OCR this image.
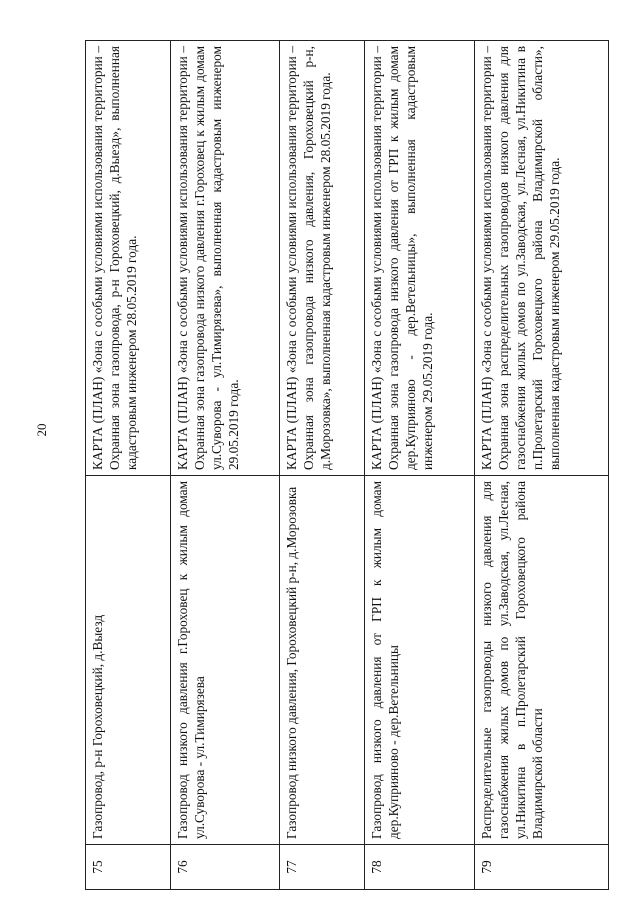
20
75	Газопровод, р-н Гороховецкий, д.Выезд	КАРТА (ПЛАН) «Зона с особыми условиями использования территории – Охранная зона газопровода, р-н Гороховецкий, д.Выезд», выполненная кадастровым инженером 28.05.2019 года.
76	Газопровод низкого давления г.Гороховец к жилым домам ул.Суворова - ул.Тимирязева	КАРТА (ПЛАН) «Зона с особыми условиями использования территории – Охранная зона газопровода низкого давления г.Гороховец к жилым домам ул.Суворова - ул.Тимирязева», выполненная кадастровым инженером 29.05.2019 года.
77	Газопровод низкого давления, Гороховецкий р-н, д.Морозовка	КАРТА (ПЛАН) «Зона с особыми условиями использования территории – Охранная зона газопровода низкого давления, Гороховецкий р-н, д.Морозовка», выполненная кадастровым инженером 28.05.2019 года.
78	Газопровод низкого давления от ГРП к жилым домам дер.Куприяново - дер.Ветельницы	КАРТА (ПЛАН) «Зона с особыми условиями использования территории – Охранная зона газопровода низкого давления от ГРП к жилым домам дер.Куприяново - дер.Ветельницы», выполненная кадастровым инженером 29.05.2019 года.
79	Распределительные газопроводы низкого давления для газоснабжения жилых домов по ул.Заводская, ул.Лесная, ул.Никитина в п.Пролетарский Гороховецкого района Владимирской области	КАРТА (ПЛАН) «Зона с особыми условиями использования территории – Охранная зона распределительных газопроводов низкого давления для газоснабжения жилых домов по ул.Заводская, ул.Лесная, ул.Никитина в п.Пролетарский Гороховецкого района Владимирской области», выполненная кадастровым инженером 29.05.2019 года.
